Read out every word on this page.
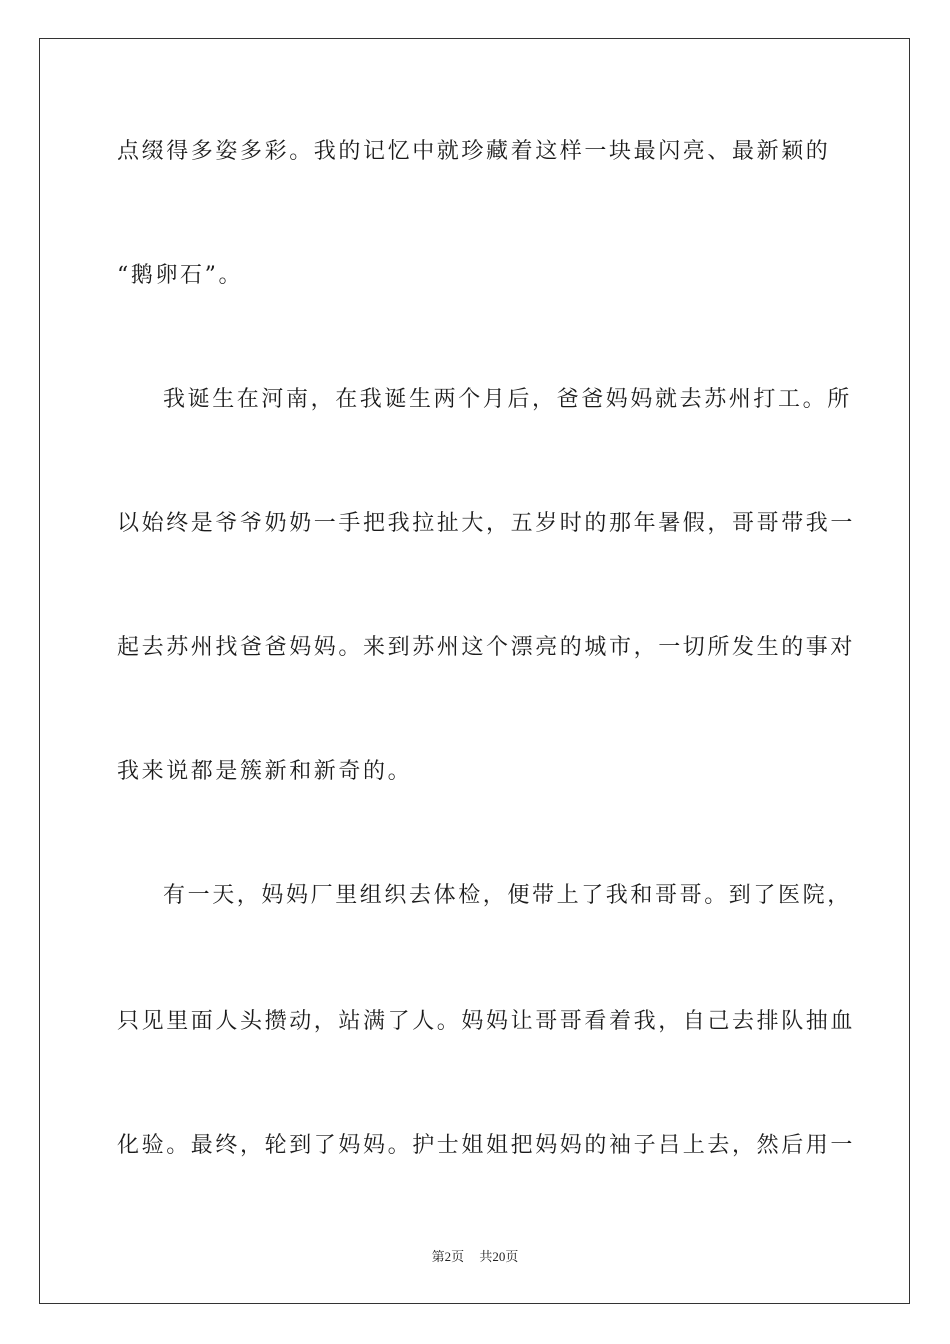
点缀得多姿多彩。我的记忆中就珍藏着这样一块最闪亮、最新颖的
“鹅卵石”。
我诞生在河南，在我诞生两个月后，爸爸妈妈就去苏州打工。所
以始终是爷爷奶奶一手把我拉扯大，五岁时的那年暑假，哥哥带我一
起去苏州找爸爸妈妈。来到苏州这个漂亮的城市，一切所发生的事对
我来说都是簇新和新奇的。
有一天，妈妈厂里组织去体检，便带上了我和哥哥。到了医院，
只见里面人头攒动，站满了人。妈妈让哥哥看着我，自己去排队抽血
化验。最终，轮到了妈妈。护士姐姐把妈妈的袖子吕上去，然后用一
第2页 共20页
